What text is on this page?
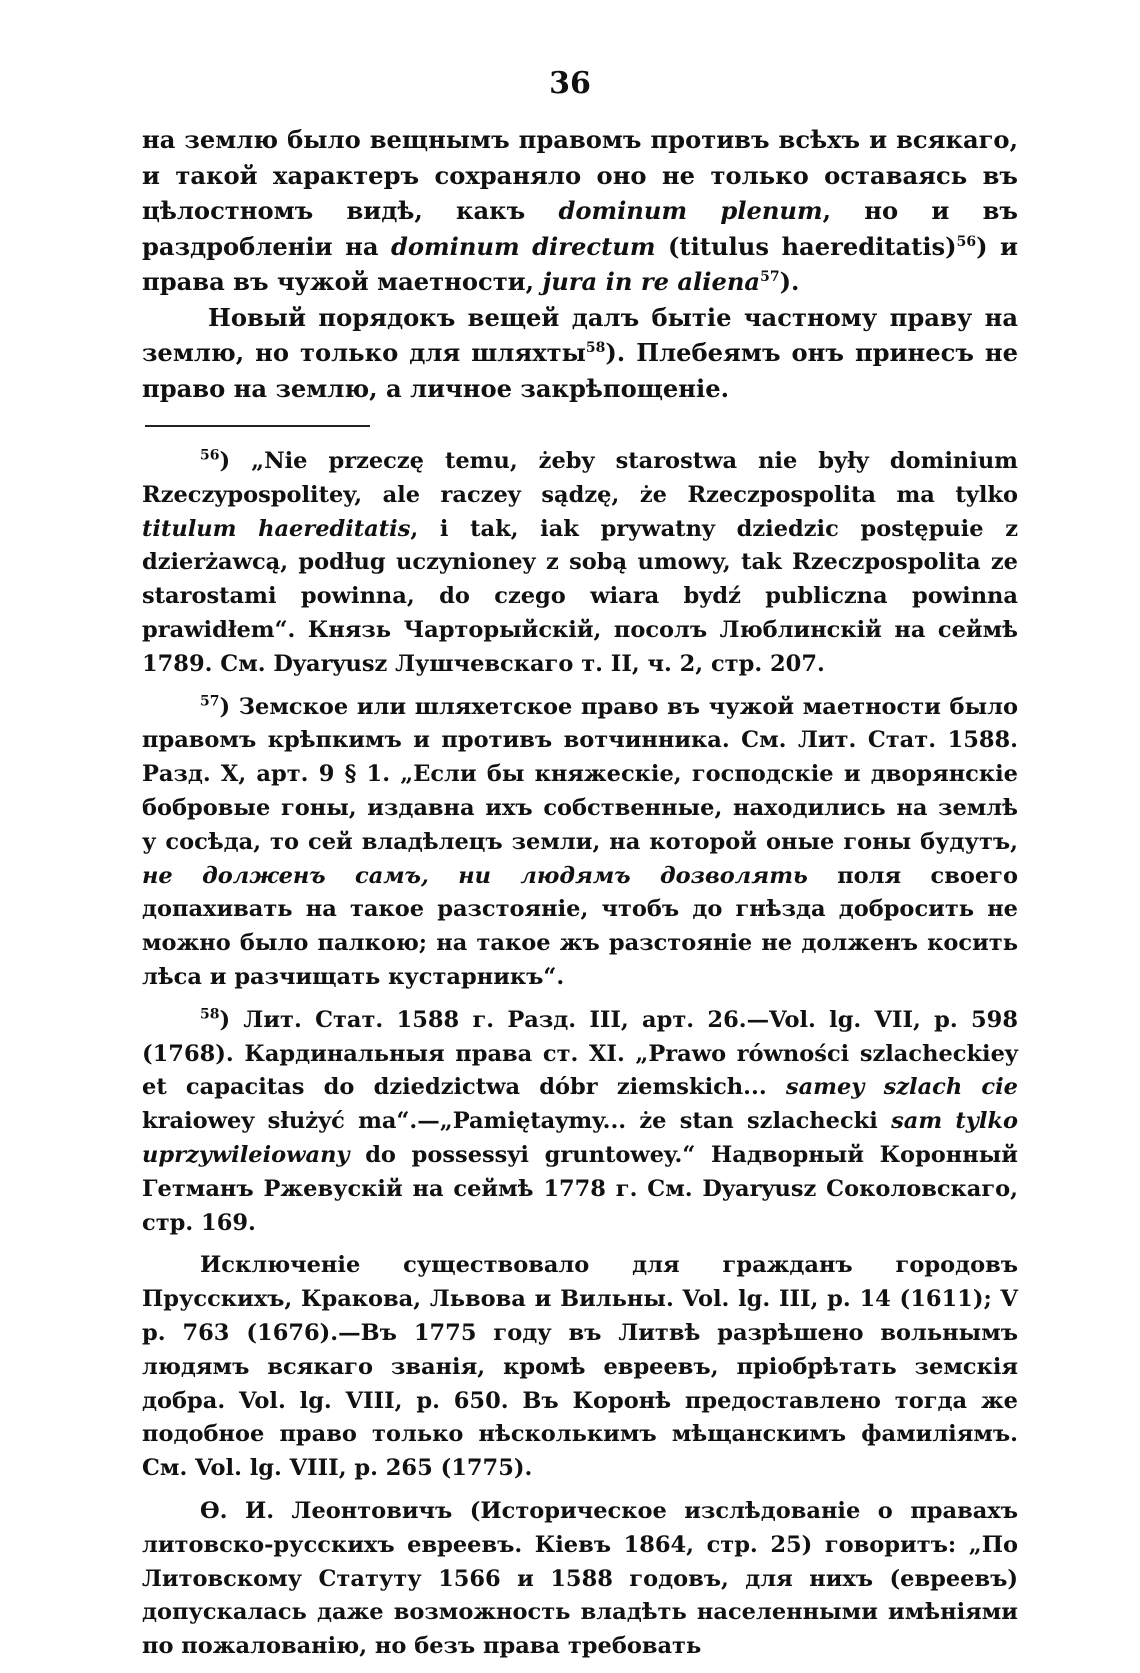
36

на землю было вещнымъ правомъ противъ всѣхъ и всякаго, и такой характеръ сохраняло оно не только оставаясь въ цѣлостномъ видѣ, какъ dominum plenum, но и въ раздробленіи на dominum directum (titulus haereditatis)$^{56}$) и права въ чужой маетности, jura in re aliena$^{57}$).

Новый порядокъ вещей далъ бытіе частному праву на землю, но только для шляхты$^{58}$). Плебеямъ онъ принесъ не право на землю, а личное закрѣпощеніе.

$^{56}$) „Nie przeczę temu, żeby starostwa nie były dominium Rzeczypospolitey, ale raczey sądzę, że Rzeczpospolita ma tylko titulum haereditatis, i tak, iak prywatny dziedzic postępuie z dzierżawcą, podług uczynioney z sobą umowy, tak Rzeczpospolita ze starostami powinna, do czego wiara bydź publiczna powinna prawidłem“. Князь Чарторыйскій, посолъ Люблинскій на сеймѣ 1789. См. Dyaryusz Лушчевскаго т. II, ч. 2, стр. 207.

$^{57}$) Земское или шляхетское право въ чужой маетности было правомъ крѣпкимъ и противъ вотчинника. См. Лит. Стат. 1588. Разд. X, арт. 9 § 1. „Если бы княжескіе, господскіе и дворянскіе бобровые гоны, издавна ихъ собственные, находились на землѣ у сосѣда, то сей владѣлецъ земли, на которой оные гоны будутъ, не долженъ самъ, ни людямъ дозволять поля своего допахивать на такое разстояніе, чтобъ до гнѣзда добросить не можно было палкою; на такое жъ разстояніе не долженъ косить лѣса и разчищать кустарникъ“.

$^{58}$) Лит. Стат. 1588 г. Разд. III, арт. 26.—Vol. lg. VII, p. 598 (1768). Кардинальныя права ст. XI. „Prawo równości szlacheckiey et capacitas do dziedzictwa dóbr ziemskich... samey szlach cie kraiowey służyć ma“.—„Pamiętaymy... że stan szlachecki sam tylko uprzywileiowany do possessyi gruntowey.“ Надворный Коронный Гетманъ Ржевускій на сеймѣ 1778 г. См. Dyaryusz Соколовскаго, стр. 169.

Исключеніе существовало для гражданъ городовъ Прусскихъ, Кракова, Львова и Вильны. Vol. lg. III, p. 14 (1611); V p. 763 (1676).—Въ 1775 году въ Литвѣ разрѣшено вольнымъ людямъ всякаго званія, кромѣ евреевъ, пріобрѣтать земскія добра. Vol. lg. VIII, p. 650. Въ Коронѣ предоставлено тогда же подобное право только нѣсколькимъ мѣщанскимъ фамиліямъ. См. Vol. lg. VIII, p. 265 (1775).

Ѳ. И. Леонтовичъ (Историческое изслѣдованіе о правахъ литовско-русскихъ евреевъ. Кіевъ 1864, стр. 25) говоритъ: „По Литовскому Статуту 1566 и 1588 годовъ, для нихъ (евреевъ) допускалась даже возможность владѣть населенными имѣніями по пожалованію, но безъ права требовать
